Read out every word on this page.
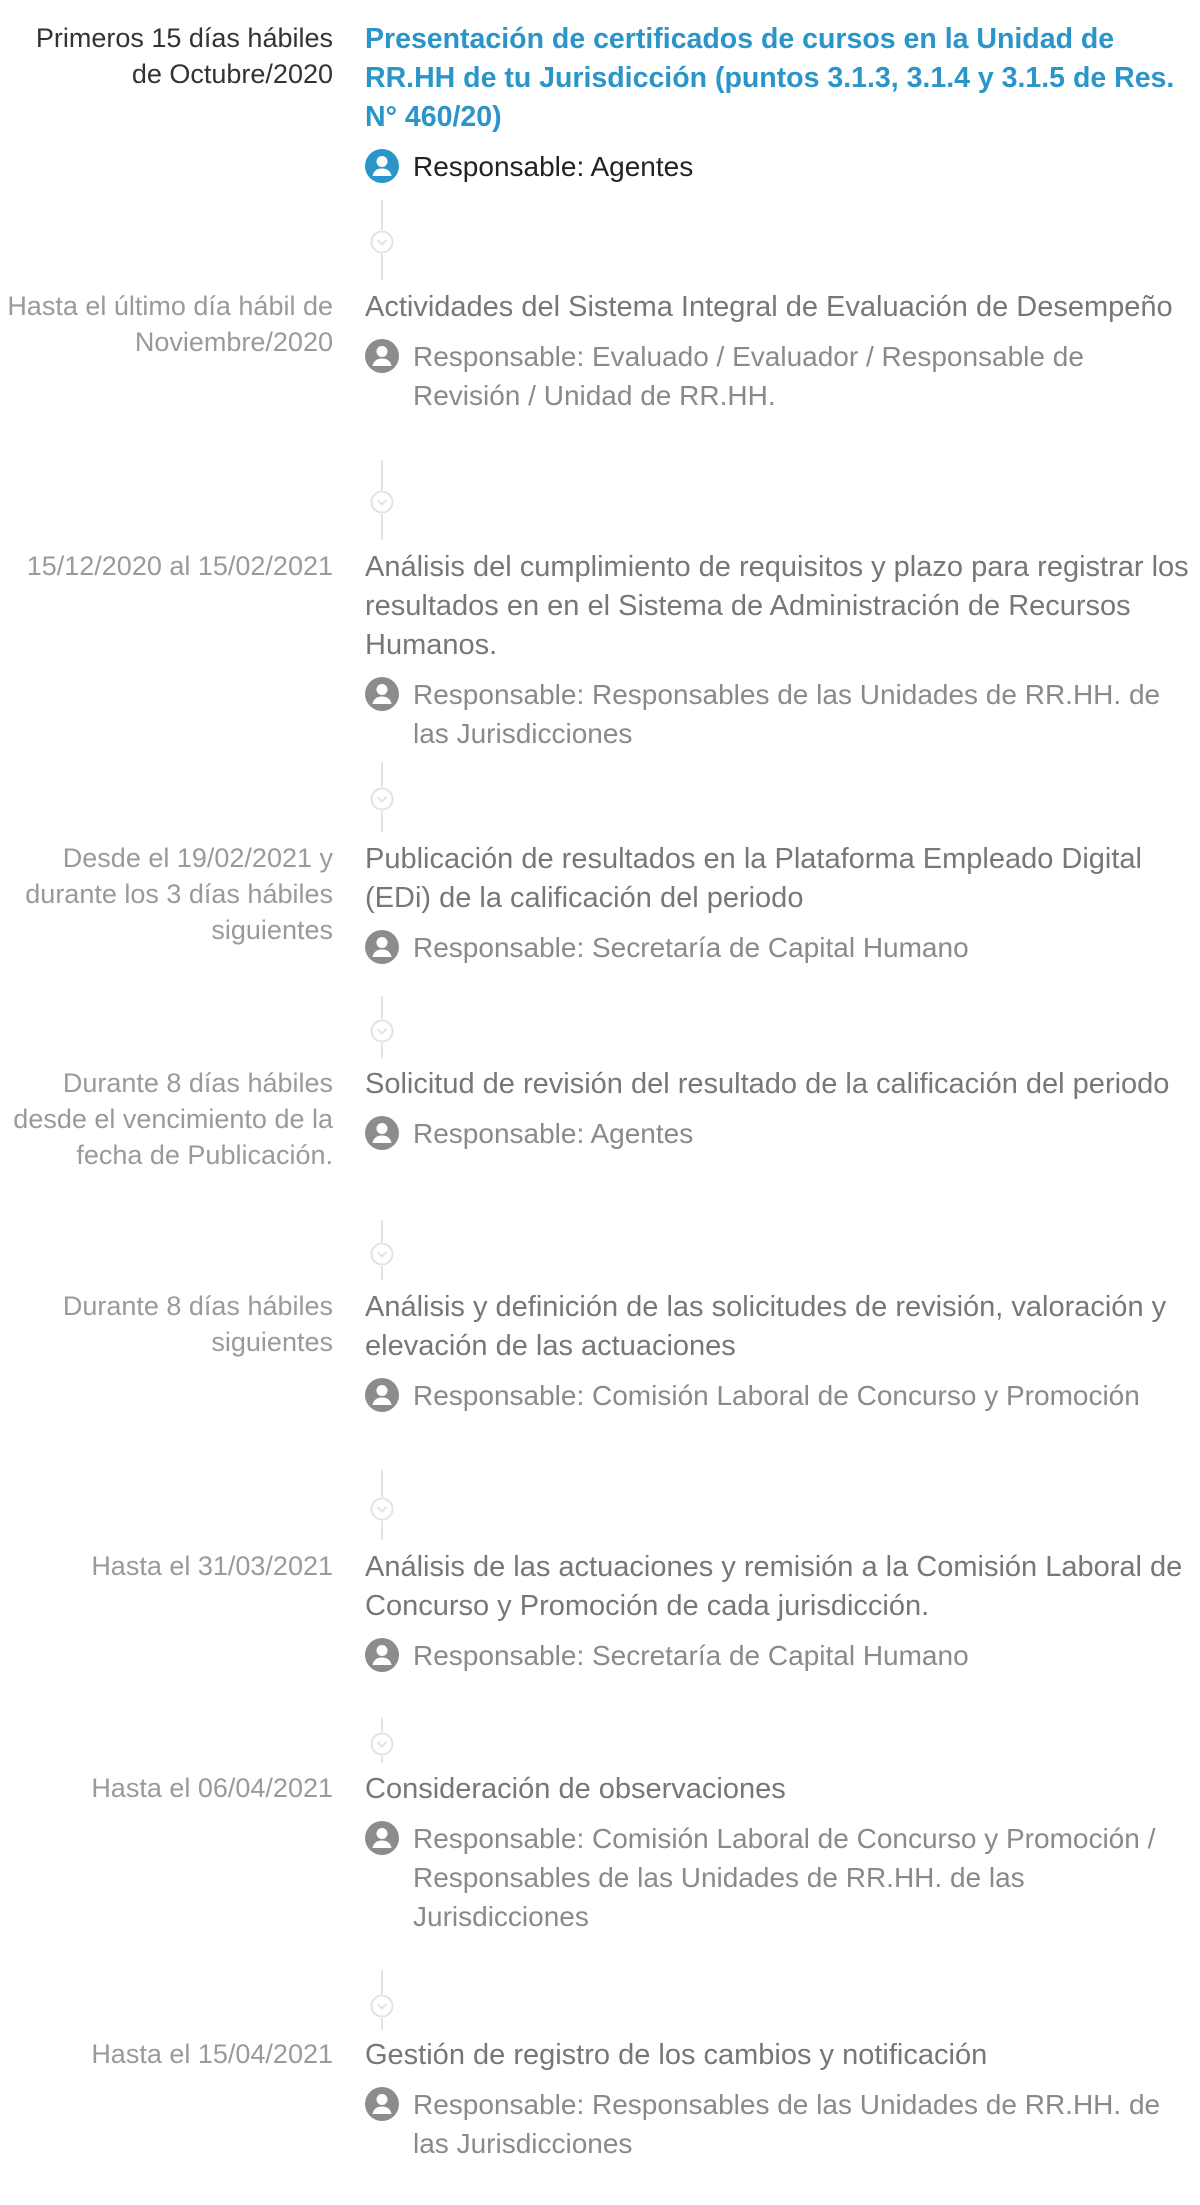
Primeros 15 días hábiles de Octubre/2020

Presentación de certificados de cursos en la Unidad de RR.HH de tu Jurisdicción (puntos 3.1.3, 3.1.4 y 3.1.5 de Res. N° 460/20)

Responsable: Agentes
Hasta el último día hábil de Noviembre/2020

Actividades del Sistema Integral de Evaluación de Desempeño

Responsable: Evaluado / Evaluador / Responsable de Revisión / Unidad de RR.HH.
15/12/2020 al 15/02/2021 Análisis del cumplimiento de requisitos y plazo para registrar los resultados en en el Sistema de Administración de Recursos Humanos.

Responsable: Responsables de las Unidades de RR.HH. de las Jurisdicciones
Desde el 19/02/2021 y durante los 3 días hábiles siguientes

Publicación de resultados en la Plataforma Empleado Digital (EDi) de la calificación del periodo

Responsable: Secretaría de Capital Humano
Durante 8 días hábiles desde el vencimiento de la fecha de Publicación.

Solicitud de revisión del resultado de la calificación del periodo

Responsable: Agentes
Durante 8 días hábiles siguientes

Análisis y definición de las solicitudes de revisión, valoración y elevación de las actuaciones

Responsable: Comisión Laboral de Concurso y Promoción
Hasta el 31/03/2021 Análisis de las actuaciones y remisión a la Comisión Laboral de Concurso y Promoción de cada jurisdicción.

Responsable: Secretaría de Capital Humano
Hasta el 06/04/2021 Consideración de observaciones

Responsable: Comisión Laboral de Concurso y Promoción / Responsables de las Unidades de RR.HH. de las Jurisdicciones
Hasta el 15/04/2021 Gestión de registro de los cambios y notificación

Responsable: Responsables de las Unidades de RR.HH. de las Jurisdicciones
